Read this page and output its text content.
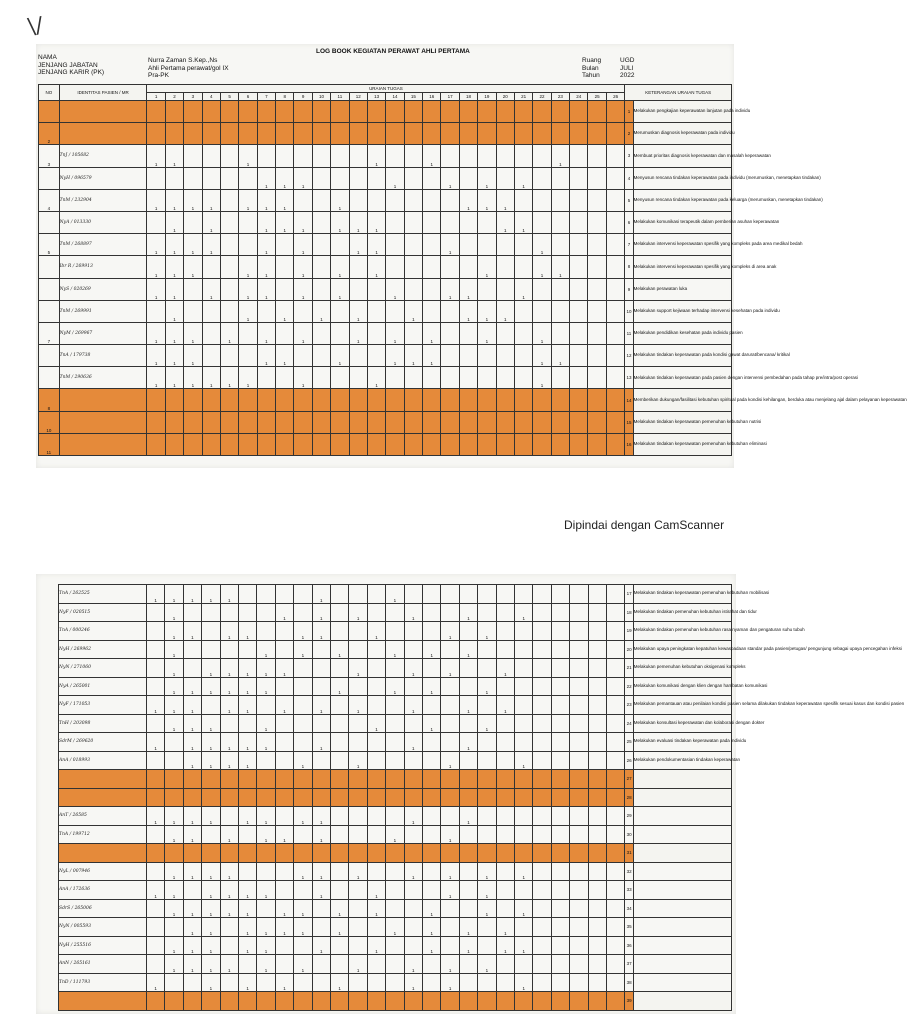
\/
NAMA
JENJANG JABATAN
JENJANG KARIR (PK)
Nurra Zaman S.Kep.,Ns
Ahli Pertama perawat/gol IX
Pra-PK
LOG BOOK KEGIATAN PERAWAT AHLI PERTAMA
Ruang
Bulan
Tahun
UGD
JULI
2022
NO	IDENTITAS PASIEN / MR	URAIAN TUGAS																										KETERANGAN URAIAN TUGAS	
		1	2	3	4	5	6	7	8	9	10	11	12	13	14	15	16	17	18	19	20	21	22	23	24	25	26		
																												1	Melakukan pengkajian keperawatan lanjutan pada individu
2																												2	Merumuskan diagnosis keperawatan pada individu
3	TnJ / 105682	1	1				1							1			1							1				3	Membuat prioritas diagnosis keperawatan dan masalah keperawatan
	NyH / 096579							1	1	1					1			1		1		1						4	Menyusun rencana tindakan keperawatan pada individu (merumuskan, menetapkan tindakan)
4	TnM / 232904	1	1	1	1		1	1	1			1							1	1	1							5	Menyusun rencana tindakan keperawatan pada keluarga (merumuskan, menetapkan tindakan)
	NyA / 013330		1		1			1	1	1		1	1	1							1	1						6	Melakukan komunikasi terapeutik dalam pemberian asuhan keperawatan
5	TnM / 268897	1	1	1	1			1		1			1	1				1					1					7	Melakukan intervensi keperawatan spesifik yang kompleks pada area medikal bedah
	Ibr R / 269913	1	1	1			1	1		1		1		1						1			1	1				8	Melakukan intervensi keperawatan spesifik yang kompleks di area anak
	NyS / 020269	1	1		1		1	1		1		1			1			1	1			1						9	Melakukan perawatan luka
	TnM / 269991		1				1		1		1		1			1			1	1	1							10	Melakukan support kejiwaan terhadap intervensi kesehatan pada individu
7	NyM / 269967	1	1	1		1		1		1			1		1		1			1			1					11	Melakukan pendidikan kesehatan pada individu pasien
	TnA / 179738	1	1	1				1	1			1			1	1	1						1	1				12	Melakukan tindakan keperawatan pada kondisi gawat darurat/bencana/ kritikal
	TnM / 290636	1	1	1	1	1	1			1				1									1					13	Melakukan tindakan keperawatan pada pasien dengan intervensi pembedahan pada tahap pre/intra/post operasi
8																												14	Memberikan dukungan/fasilitasi kebutuhan spiritual pada kondisi kehilangan, berduka atau menjelang ajal dalam pelayanan keperawatan
10																												15	Melakukan tindakan keperawatan pemenuhan kebutuhan nutrisi
11																												16	Melakukan tindakan keperawatan pemenuhan kebutuhan eliminasi
Dipindai dengan CamScanner
	TnA / 262525	1	1	1	1	1					1				1													17	Melakukan tindakan keperawatan pemenuhan kebutuhan mobilisasi
	NyF / 020515		1						1		1		1			1			1			1						18	Melakukan tindakan pemenuhan kebutuhan istirahat dan tidur
	TnA / 000246		1	1		1	1			1	1			1				1		1								19	Melakukan tindakan pemenuhan kebutuhan rasa nyaman dan pengaturan suhu tubuh
	NyH / 269962		1					1		1		1			1		1		1									20	Melakukan upaya peningkatan kepatuhan kewaspadaan standar pada pasien/petugas/ pengunjung sebagai upaya pencegahan infeksi
	NyN / 271060		1		1	1	1	1	1				1			1		1			1							21	Melakukan pemenuhan kebutuhan oksigenasi kompleks
	NyA / 265001		1	1	1	1	1	1				1			1		1			1								22	Melakukan komunikasi dengan klien dengan hambatan komunikasi
	NyF / 171053	1	1	1		1	1		1		1		1			1			1		1							23	Melakukan pemantauan atau penilaian kondisi pasien selama dilakukan tindakan keperawatan spesifik sesuai kasus dan kondisi pasien
	TnH / 203098		1	1	1			1						1			1			1								24	Melakukan konsultasi keperawatan dan kolaborasi dengan dokter
	SdrM / 269620	1		1	1	1	1	1			1					1			1									25	Melakukan evaluasi tindakan keperawatan pada individu
	AnA / 018993			1	1	1	1			1			1					1				1						26	Melakukan pendokumentasian tindakan keperawatan
																												27	
																												28	
	AnT / 26585	1	1	1	1		1	1		1	1					1			1									29	
	TnA / 199712		1	1		1		1	1		1				1			1										30	
																												31	
	NyL / 007946		1	1	1	1				1	1		1			1		1		1		1						32	
	AnA / 172636	1	1		1	1	1	1			1			1				1		1								33	
	SdrS / 265006		1	1	1	1	1		1	1		1		1			1			1		1						34	
	NyN / 005593			1	1		1	1	1	1		1			1		1		1		1							35	
	NyH / 255516		1	1	1		1	1			1			1			1		1		1	1						36	
	AnN / 265161		1	1	1	1		1		1			1			1		1		1								37	
	TnD / 111793	1			1		1		1			1				1		1				1						38	
																												39	
